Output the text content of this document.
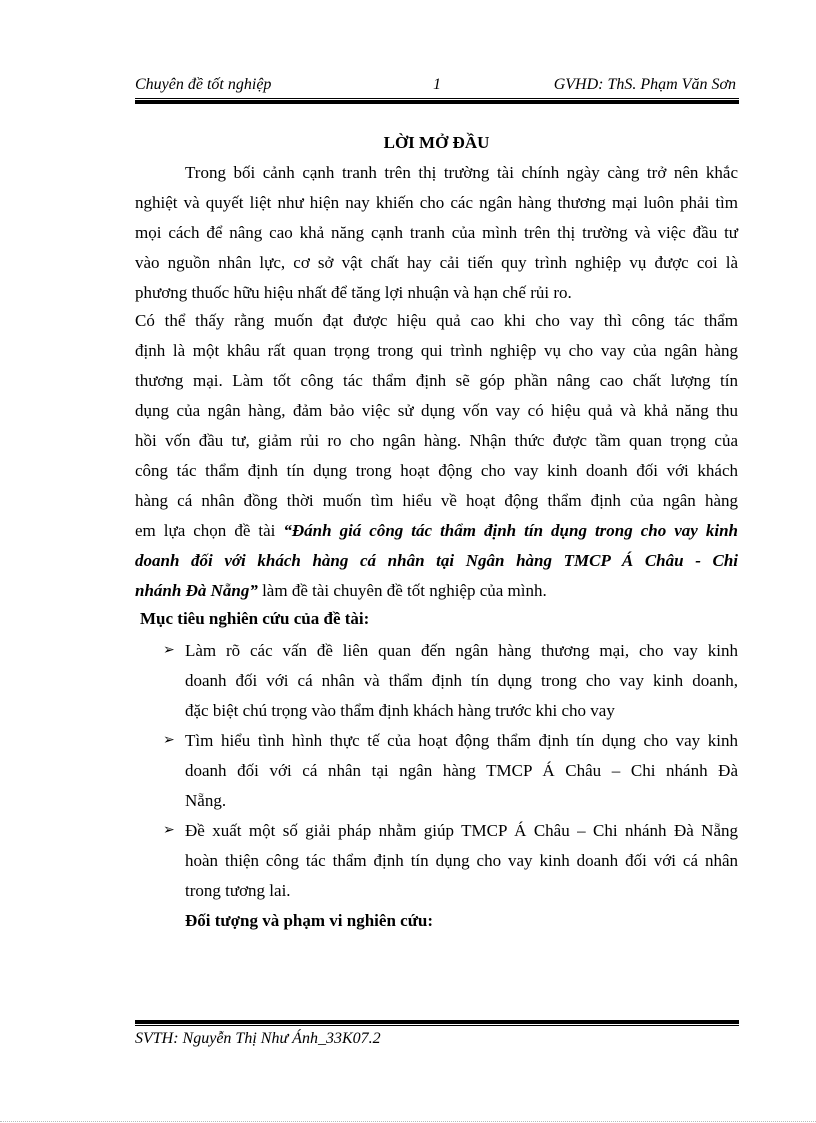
Chuyên đề tốt nghiệp	1	GVHD: ThS. Phạm Văn Sơn
LỜI MỞ ĐẦU
Trong bối cảnh cạnh tranh trên thị trường tài chính ngày càng trở nên khắc
nghiệt và quyết liệt như hiện nay khiến cho các ngân hàng thương mại luôn phải tìm
mọi cách để nâng cao khả năng cạnh tranh của mình trên thị trường và việc đầu tư
vào nguồn nhân lực, cơ sở vật chất hay cải tiến quy trình nghiệp vụ được coi là
phương thuốc hữu hiệu nhất để tăng lợi nhuận và hạn chế rủi ro.
Có thể thấy rằng muốn đạt được hiệu quả cao khi cho vay thì công tác thẩm
định là một khâu rất quan trọng trong qui trình nghiệp vụ cho vay của ngân hàng
thương mại. Làm tốt công tác thẩm định sẽ góp phần nâng cao chất lượng tín
dụng của ngân hàng, đảm bảo việc sử dụng vốn vay có hiệu quả và khả năng thu
hồi vốn đầu tư, giảm rủi ro cho ngân hàng. Nhận thức được tầm quan trọng của
công tác thẩm định tín dụng trong hoạt động cho vay kinh doanh đối với khách
hàng cá nhân đồng thời muốn tìm hiểu về hoạt động thẩm định của ngân hàng
em lựa chọn đề tài “Đánh giá công tác thẩm định tín dụng trong cho vay kinh
doanh đối với khách hàng cá nhân tại Ngân hàng TMCP Á Châu - Chi
nhánh Đà Nẵng” làm đề tài chuyên đề tốt nghiệp của mình.
Mục tiêu nghiên cứu của đề tài:
➢ Làm rõ các vấn đề liên quan đến ngân hàng thương mại, cho vay kinh
doanh đối với cá nhân và thẩm định tín dụng trong cho vay kinh doanh,
đặc biệt chú trọng vào thẩm định khách hàng trước khi cho vay
➢ Tìm hiểu tình hình thực tế của hoạt động thẩm định tín dụng cho vay kinh
doanh đối với cá nhân tại ngân hàng TMCP Á Châu – Chi nhánh Đà
Nẵng.
➢ Đề xuất một số giải pháp nhằm giúp TMCP Á Châu – Chi nhánh Đà Nẵng
hoàn thiện công tác thẩm định tín dụng cho vay kinh doanh đối với cá nhân
trong tương lai.
Đối tượng và phạm vi nghiên cứu:
SVTH: Nguyễn Thị Như Ánh_33K07.2
